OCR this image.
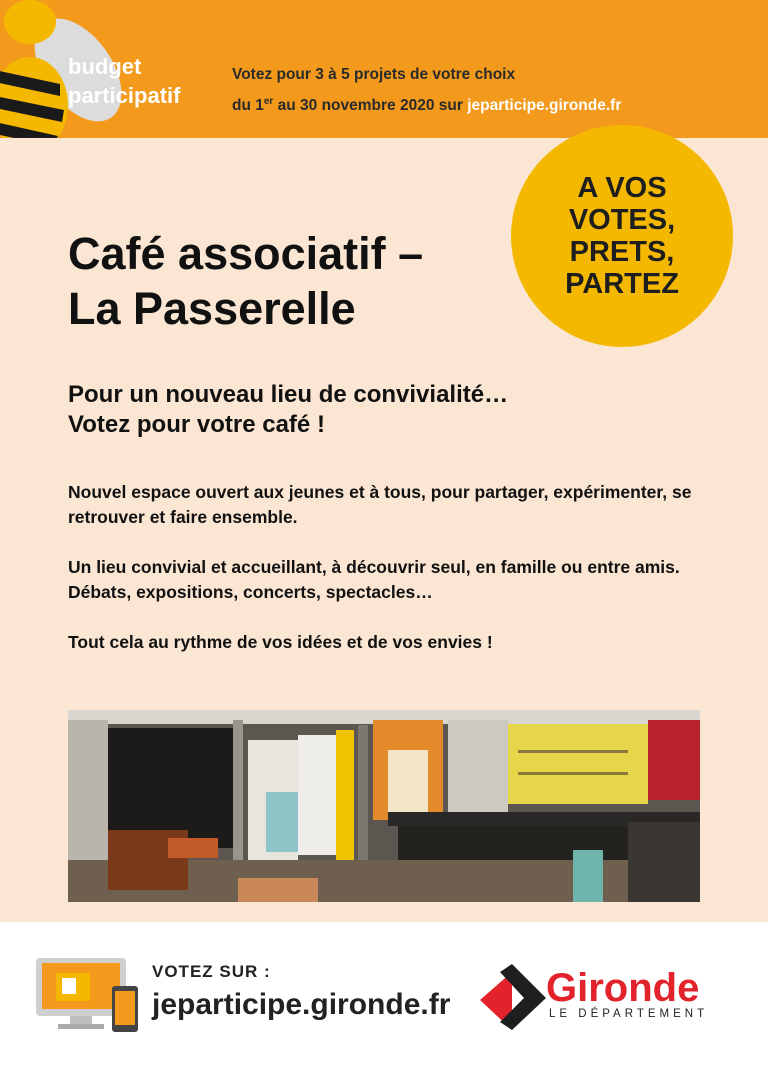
budget
participatif
Votez pour 3 à 5 projets de votre choix
du 1er au 30 novembre 2020 sur jeparticipe.gironde.fr
A VOS
VOTES,
PRETS,
PARTEZ
Café associatif –
La Passerelle
Pour un nouveau lieu de convivialité…
Votez pour votre café !

Nouvel espace ouvert aux jeunes et à tous, pour partager, expérimenter, se retrouver et faire ensemble.

Un lieu convivial et accueillant, à découvrir seul, en famille ou entre amis.
Débats, expositions, concerts, spectacles…

Tout cela au rythme de vos idées et de vos envies !

VOTEZ SUR :
jeparticipe.gironde.fr Gironde
LE DÉPARTEMENT
